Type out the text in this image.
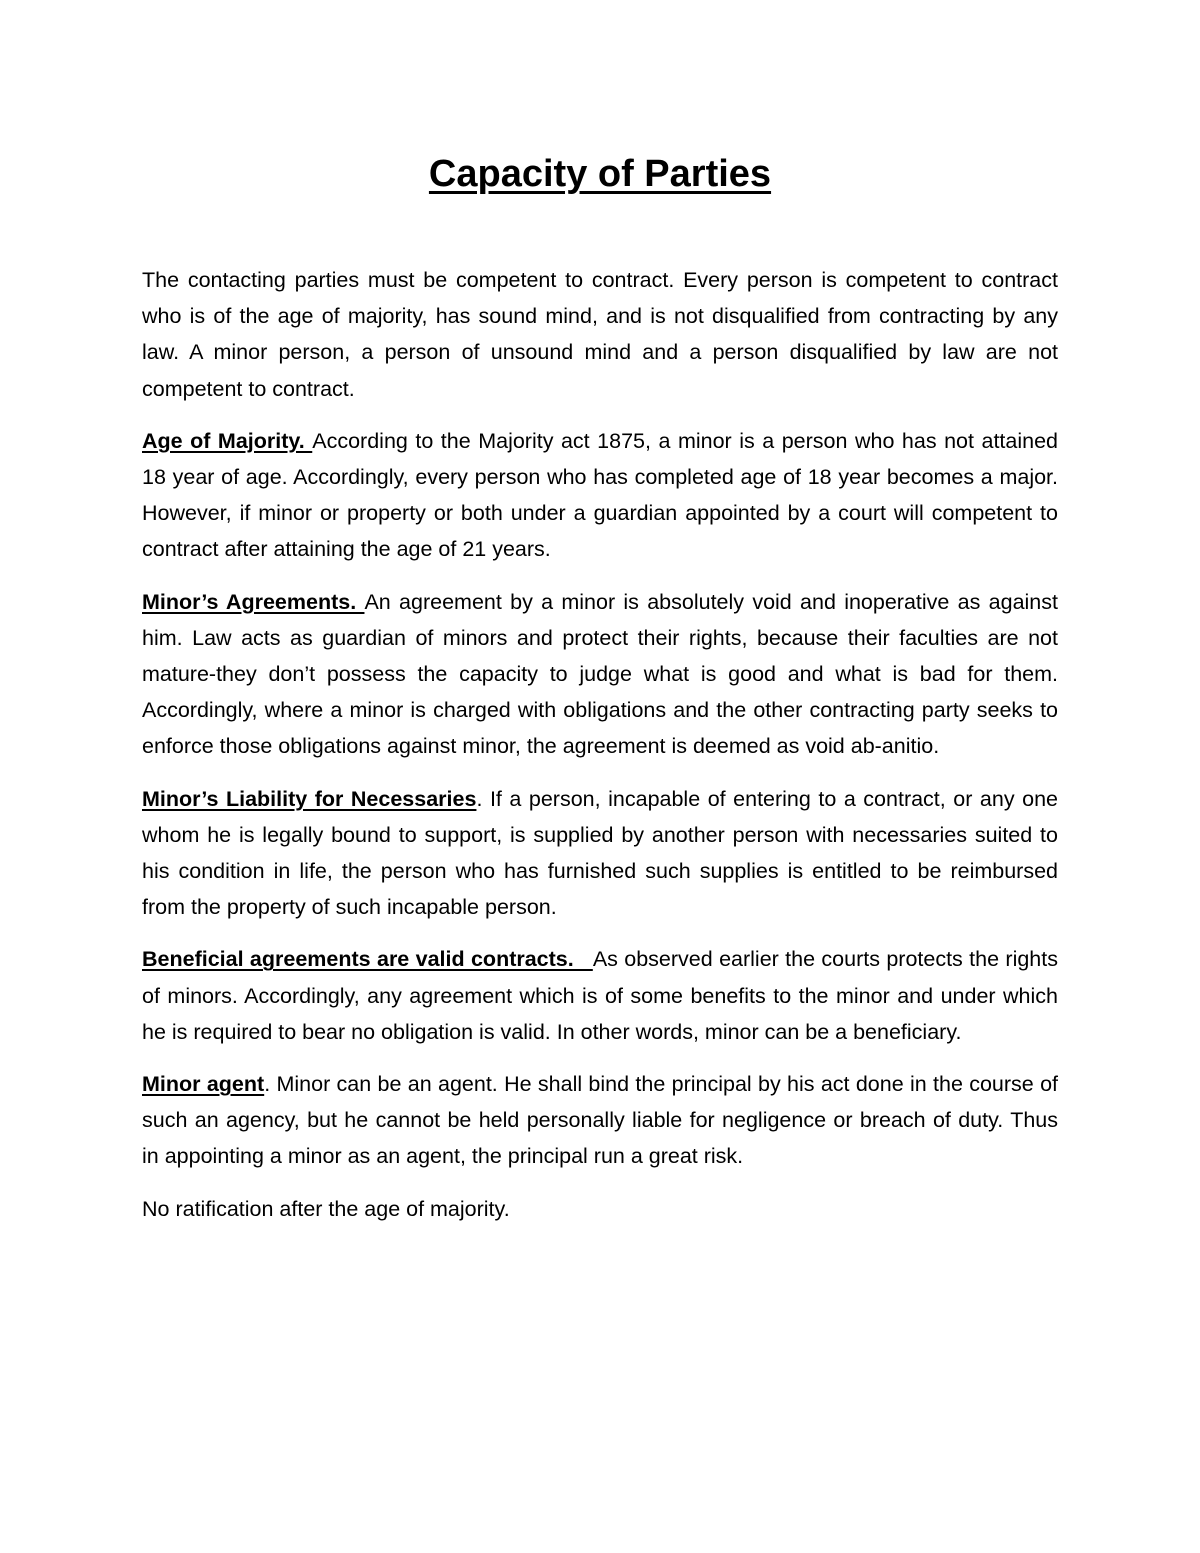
Capacity of Parties

The contacting parties must be competent to contract. Every person is competent to contract who is of the age of majority, has sound mind, and is not disqualified from contracting by any law. A minor person, a person of unsound mind and a person disqualified by law are not competent to contract.

Age of Majority. According to the Majority act 1875, a minor is a person who has not attained 18 year of age. Accordingly, every person who has completed age of 18 year becomes a major. However, if minor or property or both under a guardian appointed by a court will competent to contract after attaining the age of 21 years.

Minor’s Agreements. An agreement by a minor is absolutely void and inoperative as against him. Law acts as guardian of minors and protect their rights, because their faculties are not mature-they don’t possess the capacity to judge what is good and what is bad for them. Accordingly, where a minor is charged with obligations and the other contracting party seeks to enforce those obligations against minor, the agreement is deemed as void ab-anitio.

Minor’s Liability for Necessaries. If a person, incapable of entering to a contract, or any one whom he is legally bound to support, is supplied by another person with necessaries suited to his condition in life, the person who has furnished such supplies is entitled to be reimbursed from the property of such incapable person.

Beneficial agreements are valid contracts.   As observed earlier the courts protects the rights of minors. Accordingly, any agreement which is of some benefits to the minor and under which he is required to bear no obligation is valid. In other words, minor can be a beneficiary.

Minor agent. Minor can be an agent. He shall bind the principal by his act done in the course of such an agency, but he cannot be held personally liable for negligence or breach of duty. Thus in appointing a minor as an agent, the principal run a great risk.

No ratification after the age of majority.
